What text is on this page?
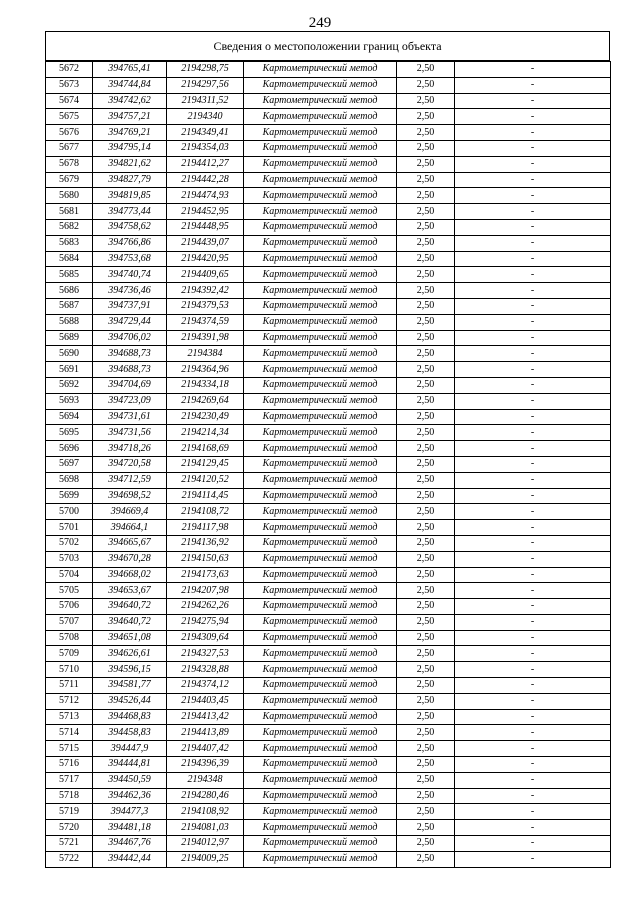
249
Сведения о местоположении границ объекта
5672	394765,41	2194298,75	Картометрический метод	2,50	-
5673	394744,84	2194297,56	Картометрический метод	2,50	-
5674	394742,62	2194311,52	Картометрический метод	2,50	-
5675	394757,21	2194340	Картометрический метод	2,50	-
5676	394769,21	2194349,41	Картометрический метод	2,50	-
5677	394795,14	2194354,03	Картометрический метод	2,50	-
5678	394821,62	2194412,27	Картометрический метод	2,50	-
5679	394827,79	2194442,28	Картометрический метод	2,50	-
5680	394819,85	2194474,93	Картометрический метод	2,50	-
5681	394773,44	2194452,95	Картометрический метод	2,50	-
5682	394758,62	2194448,95	Картометрический метод	2,50	-
5683	394766,86	2194439,07	Картометрический метод	2,50	-
5684	394753,68	2194420,95	Картометрический метод	2,50	-
5685	394740,74	2194409,65	Картометрический метод	2,50	-
5686	394736,46	2194392,42	Картометрический метод	2,50	-
5687	394737,91	2194379,53	Картометрический метод	2,50	-
5688	394729,44	2194374,59	Картометрический метод	2,50	-
5689	394706,02	2194391,98	Картометрический метод	2,50	-
5690	394688,73	2194384	Картометрический метод	2,50	-
5691	394688,73	2194364,96	Картометрический метод	2,50	-
5692	394704,69	2194334,18	Картометрический метод	2,50	-
5693	394723,09	2194269,64	Картометрический метод	2,50	-
5694	394731,61	2194230,49	Картометрический метод	2,50	-
5695	394731,56	2194214,34	Картометрический метод	2,50	-
5696	394718,26	2194168,69	Картометрический метод	2,50	-
5697	394720,58	2194129,45	Картометрический метод	2,50	-
5698	394712,59	2194120,52	Картометрический метод	2,50	-
5699	394698,52	2194114,45	Картометрический метод	2,50	-
5700	394669,4	2194108,72	Картометрический метод	2,50	-
5701	394664,1	2194117,98	Картометрический метод	2,50	-
5702	394665,67	2194136,92	Картометрический метод	2,50	-
5703	394670,28	2194150,63	Картометрический метод	2,50	-
5704	394668,02	2194173,63	Картометрический метод	2,50	-
5705	394653,67	2194207,98	Картометрический метод	2,50	-
5706	394640,72	2194262,26	Картометрический метод	2,50	-
5707	394640,72	2194275,94	Картометрический метод	2,50	-
5708	394651,08	2194309,64	Картометрический метод	2,50	-
5709	394626,61	2194327,53	Картометрический метод	2,50	-
5710	394596,15	2194328,88	Картометрический метод	2,50	-
5711	394581,77	2194374,12	Картометрический метод	2,50	-
5712	394526,44	2194403,45	Картометрический метод	2,50	-
5713	394468,83	2194413,42	Картометрический метод	2,50	-
5714	394458,83	2194413,89	Картометрический метод	2,50	-
5715	394447,9	2194407,42	Картометрический метод	2,50	-
5716	394444,81	2194396,39	Картометрический метод	2,50	-
5717	394450,59	2194348	Картометрический метод	2,50	-
5718	394462,36	2194280,46	Картометрический метод	2,50	-
5719	394477,3	2194108,92	Картометрический метод	2,50	-
5720	394481,18	2194081,03	Картометрический метод	2,50	-
5721	394467,76	2194012,97	Картометрический метод	2,50	-
5722	394442,44	2194009,25	Картометрический метод	2,50	-
